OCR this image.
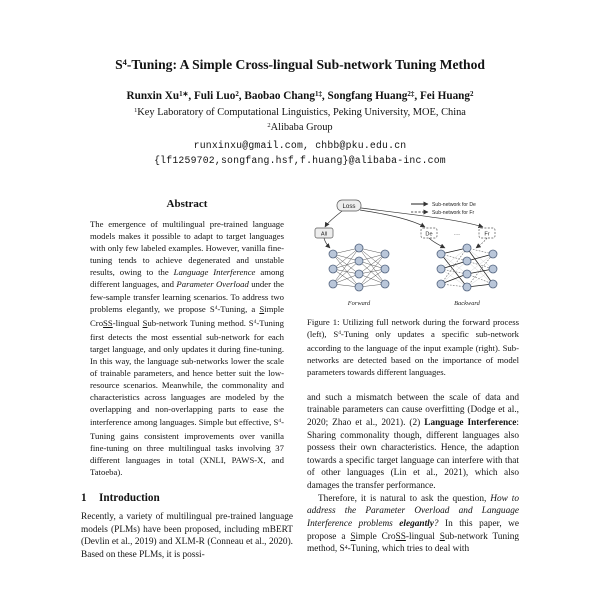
$S^4$-Tuning: A Simple Cross-lingual Sub-network Tuning Method
Runxin $Xu^{1∗}$, Fuli Luo$^2$, Baobao Chang$^{1\ddagger}$, Songfang Huang$^{2\ddagger}$, Fei Huang$^2$
$^1$Key Laboratory of Computational Linguistics, Peking University, MOE, China
$^2$Alibaba Group
runxinxu@gmail.com, chbb@pku.edu.cn
{lf1259702,songfang.hsf,f.huang}@alibaba-inc.com
Abstract

The emergence of multilingual pre-trained language models makes it possible to adapt to target languages with only few labeled examples. However, vanilla fine-tuning tends to achieve degenerated and unstable results, owing to the Language Interference among different languages, and Parameter Overload under the few-sample transfer learning scenarios. To address two problems elegantly, we propose $S^4$-Tuning, a Simple CroSS-lingual Sub-network Tuning method. $S^4$-Tuning first detects the most essential sub-network for each target language, and only updates it during fine-tuning. In this way, the language sub-networks lower the scale of trainable parameters, and hence better suit the low-resource scenarios. Meanwhile, the commonality and characteristics across languages are modeled by the overlapping and non-overlapping parts to ease the interference among languages. Simple but effective, $S^4$-Tuning gains consistent improvements over vanilla fine-tuning on three multilingual tasks involving 37 different languages in total (XNLI, PAWS-X, and Tatoeba).

1 Introduction

Recently, a variety of multilingual pre-trained language models (PLMs) have been proposed, including mBERT (Devlin et al., 2019) and XLM-R (Conneau et al., 2020). Based on these PLMs, it is possi-

Sub-network for De
Sub-network for Fr
Loss
All	De	···	Fr
Forward	Backward
Figure 1: Utilizing full network during the forward process (left), $S^4$-Tuning only updates a specific sub-network according to the language of the input example (right). Sub-networks are detected based on the importance of model parameters towards different languages.

and such a mismatch between the scale of data and trainable parameters can cause overfitting (Dodge et al., 2020; Zhao et al., 2021). (2) Language Interference: Sharing commonality though, different languages also possess their own characteristics. Hence, the adaption towards a specific target language can interfere with that of other languages (Lin et al., 2021), which also damages the transfer performance.

Therefore, it is natural to ask the question, How to address the Parameter Overload and Language Interference problems elegantly? In this paper, we propose a Simple CroSS-lingual Sub-network Tuning method, $S^4$-Tuning, which tries to deal with
